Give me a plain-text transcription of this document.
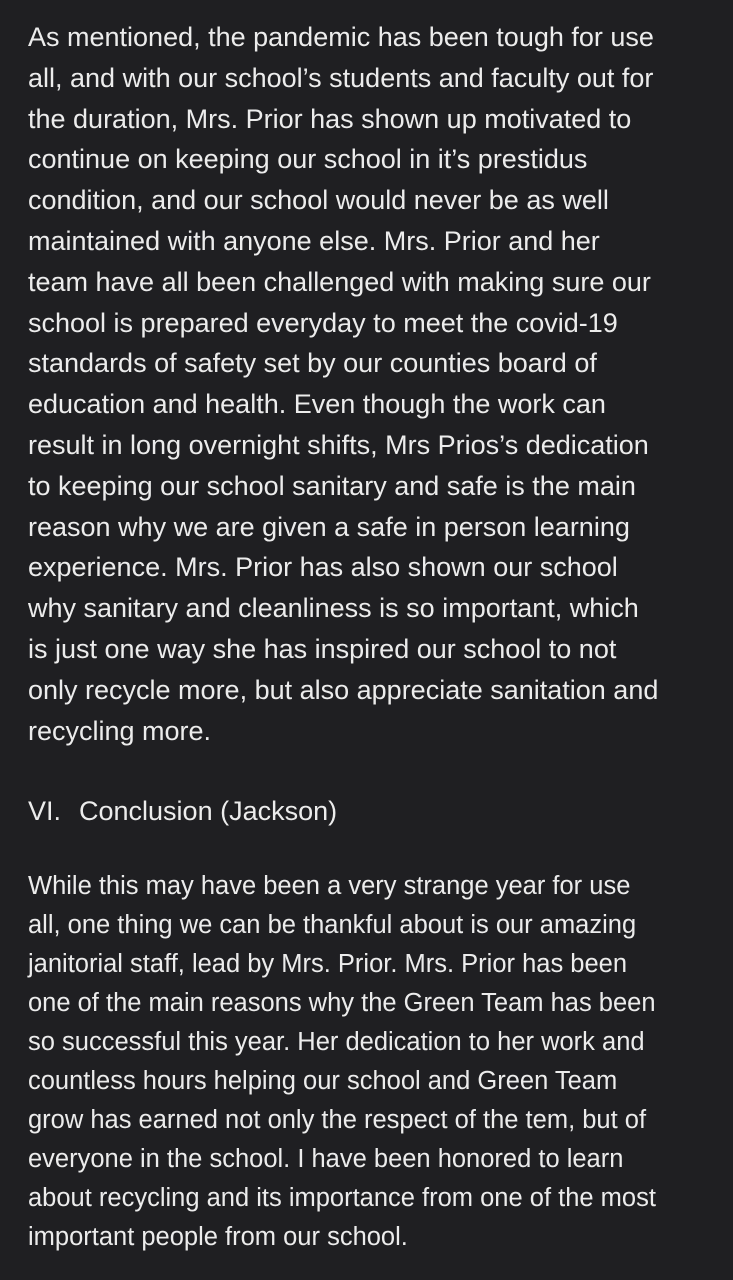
As mentioned, the pandemic has been tough for use
all, and with our school’s students and faculty out for
the duration, Mrs. Prior has shown up motivated to
continue on keeping our school in it’s prestidus
condition, and our school would never be as well
maintained with anyone else. Mrs. Prior and her
team have all been challenged with making sure our
school is prepared everyday to meet the covid-19
standards of safety set by our counties board of
education and health. Even though the work can
result in long overnight shifts, Mrs Prios’s dedication
to keeping our school sanitary and safe is the main
reason why we are given a safe in person learning
experience. Mrs. Prior has also shown our school
why sanitary and cleanliness is so important, which
is just one way she has inspired our school to not
only recycle more, but also appreciate sanitation and
recycling more.
VI. Conclusion (Jackson)
While this may have been a very strange year for use
all, one thing we can be thankful about is our amazing
janitorial staff, lead by Mrs. Prior. Mrs. Prior has been
one of the main reasons why the Green Team has been
so successful this year. Her dedication to her work and
countless hours helping our school and Green Team
grow has earned not only the respect of the tem, but of
everyone in the school. I have been honored to learn
about recycling and its importance from one of the most
important people from our school.
